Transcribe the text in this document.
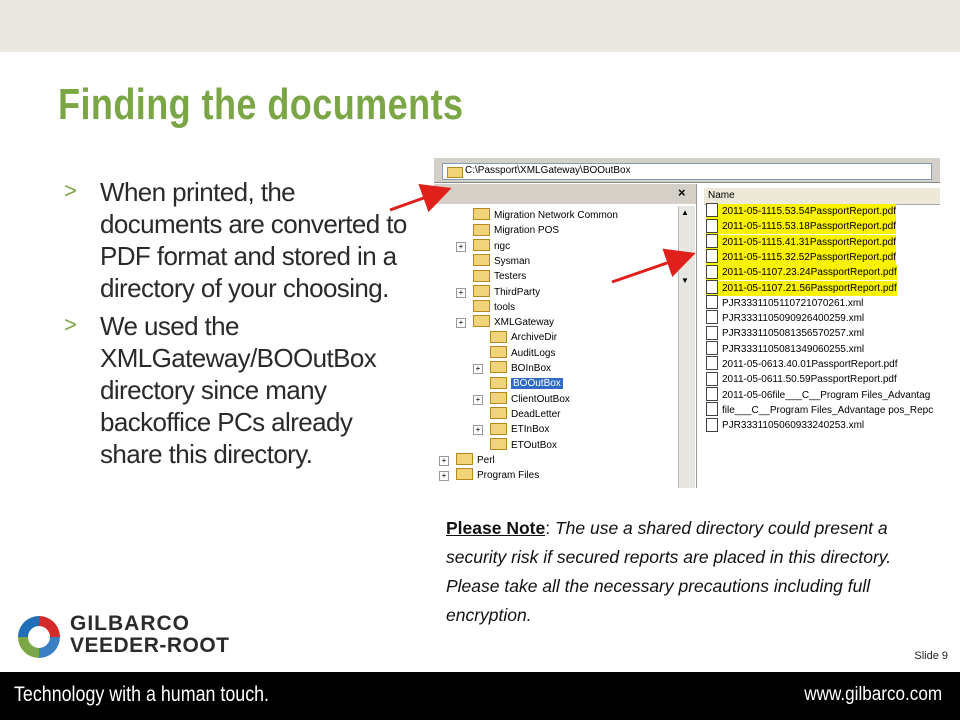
Finding the documents
> When printed, the documents are converted to PDF format and stored in a directory of your choosing.
> We used the XMLGateway/BOOutBox directory since many backoffice PCs already share this directory.
C:\Passport\XMLGateway\BOOutBox
×
▲
▼
Migration Network Common
Migration POS
+	ngc
Sysman
Testers
+	ThirdParty
tools
+	XMLGateway
ArchiveDir
AuditLogs
+	BOInBox
BOOutBox
+	ClientOutBox
DeadLetter
+	ETInBox
ETOutBox
+	Perl
+	Program Files
Name
2011-05-1115.53.54PassportReport.pdf
2011-05-1115.53.18PassportReport.pdf
2011-05-1115.41.31PassportReport.pdf
2011-05-1115.32.52PassportReport.pdf
2011-05-1107.23.24PassportReport.pdf
2011-05-1107.21.56PassportReport.pdf
PJR3331105110721070261.xml
PJR3331105090926400259.xml
PJR3331105081356570257.xml
PJR3331105081349060255.xml
2011-05-0613.40.01PassportReport.pdf
2011-05-0611.50.59PassportReport.pdf
2011-05-06file___C__Program Files_Advantag
file___C__Program Files_Advantage pos_Repc
PJR3331105060933240253.xml
Please Note: The use a shared directory could present a security risk if secured reports are placed in this directory. Please take all the necessary precautions including full encryption.
GILBARCO
VEEDER-ROOT	Slide 9
Technology with a human touch.	www.gilbarco.com
